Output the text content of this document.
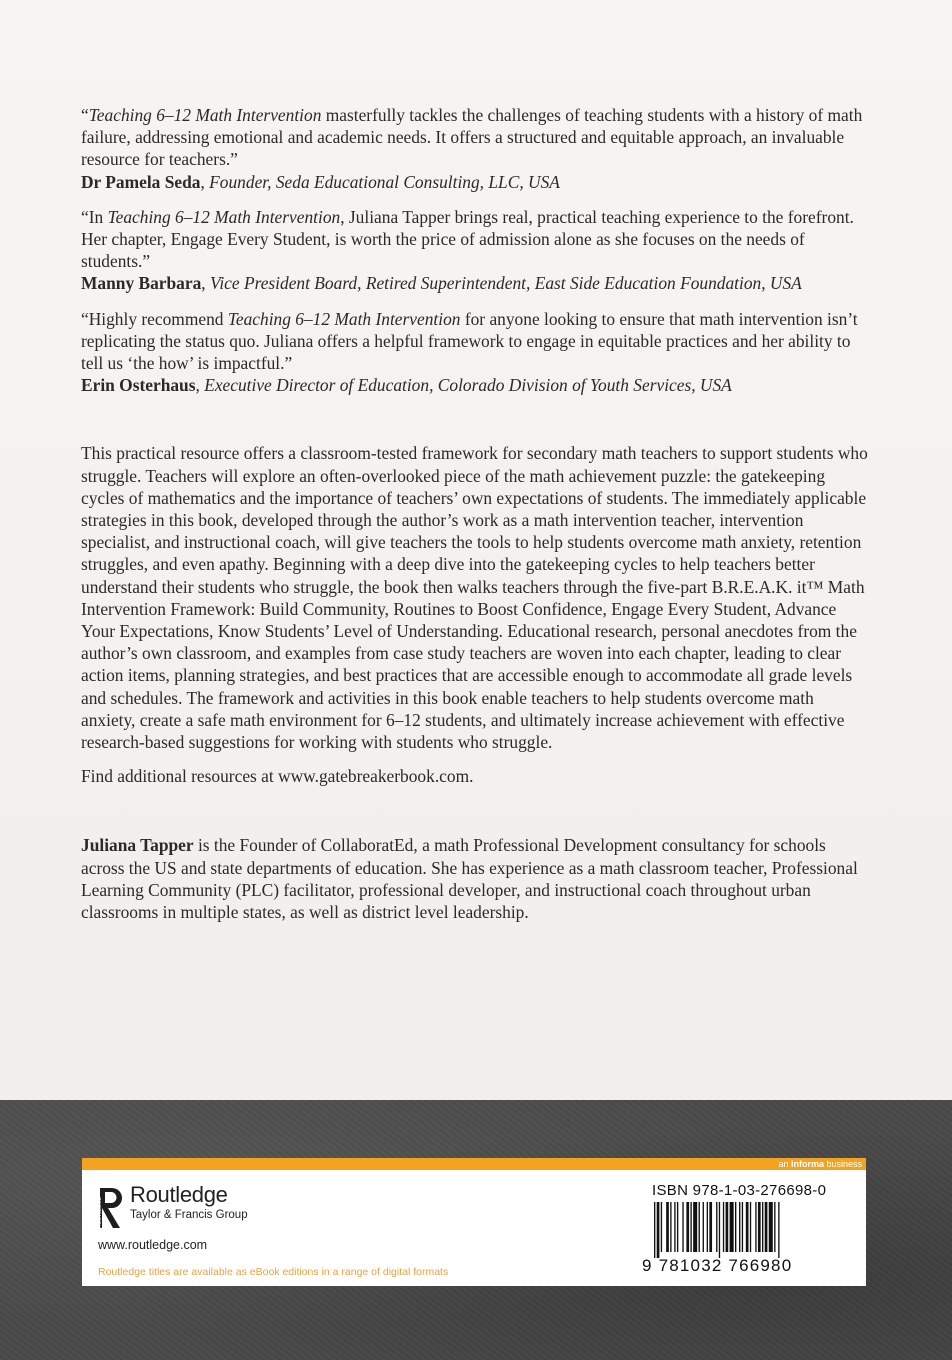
“Teaching 6–12 Math Intervention masterfully tackles the challenges of teaching students with a history of math failure, addressing emotional and academic needs. It offers a structured and equitable approach, an invaluable resource for teachers.”

Dr Pamela Seda, Founder, Seda Educational Consulting, LLC, USA

“In Teaching 6–12 Math Intervention, Juliana Tapper brings real, practical teaching experience to the forefront. Her chapter, Engage Every Student, is worth the price of admission alone as she focuses on the needs of students.”

Manny Barbara, Vice President Board, Retired Superintendent, East Side Education Foundation, USA

“Highly recommend Teaching 6–12 Math Intervention for anyone looking to ensure that math intervention isn’t replicating the status quo. Juliana offers a helpful framework to engage in equitable practices and her ability to tell us ‘the how’ is impactful.”

Erin Osterhaus, Executive Director of Education, Colorado Division of Youth Services, USA

This practical resource offers a classroom-tested framework for secondary math teachers to support students who struggle. Teachers will explore an often-overlooked piece of the math achievement puzzle: the gatekeeping cycles of mathematics and the importance of teachers’ own expectations of students. The immediately applicable strategies in this book, developed through the author’s work as a math intervention teacher, intervention specialist, and instructional coach, will give teachers the tools to help students overcome math anxiety, retention struggles, and even apathy. Beginning with a deep dive into the gatekeeping cycles to help teachers better understand their students who struggle, the book then walks teachers through the five-part B.R.E.A.K. it™ Math Intervention Framework: Build Community, Routines to Boost Confidence, Engage Every Student, Advance Your Expectations, Know Students’ Level of Understanding. Educational research, personal anecdotes from the author’s own classroom, and examples from case study teachers are woven into each chapter, leading to clear action items, planning strategies, and best practices that are accessible enough to accommodate all grade levels and schedules. The framework and activities in this book enable teachers to help students overcome math anxiety, create a safe math environment for 6–12 students, and ultimately increase achievement with effective research-based suggestions for working with students who struggle.

Find additional resources at www.gatebreakerbook.com.

Juliana Tapper is the Founder of CollaboratEd, a math Professional Development consultancy for schools across the US and state departments of education. She has experience as a math classroom teacher, Professional Learning Community (PLC) facilitator, professional developer, and instructional coach throughout urban classrooms in multiple states, as well as district level leadership.

an informa business
ROUTLEDGE
Routledge
Taylor & Francis Group
www.routledge.com
Routledge titles are available as eBook editions in a range of digital formats
ISBN 978-1-03-276698-0
9 781032 766980
